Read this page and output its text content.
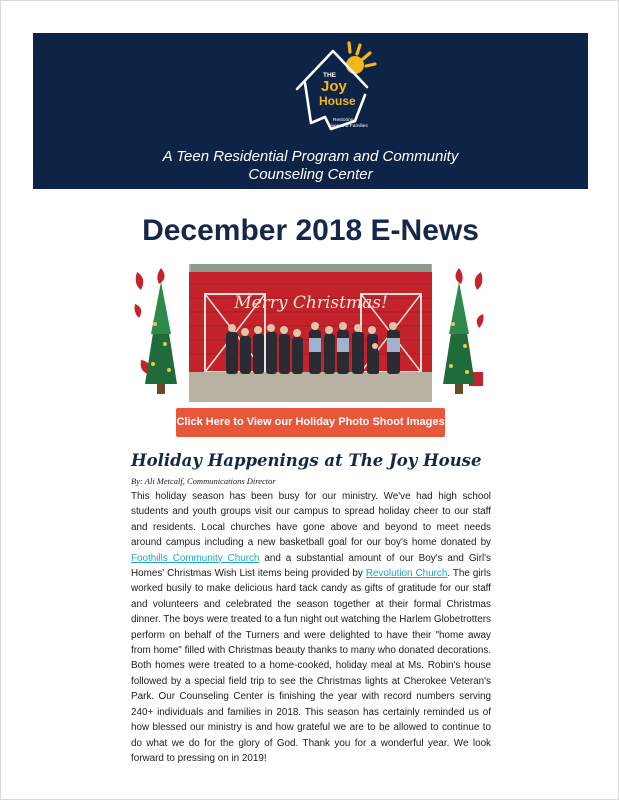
THE
Joy
House
Restoring
Lives and Families
A Teen Residential Program and Community
Counseling Center
December 2018 E-News
Merry Christmas!
Click Here to View our Holiday Photo Shoot Images
Holiday Happenings at The Joy House
By: Ali Metcalf, Communications Director
This holiday season has been busy for our ministry. We've had high school students and youth groups visit our campus to spread holiday cheer to our staff and residents. Local churches have gone above and beyond to meet needs around campus including a new basketball goal for our boy's home donated by Foothills Community Church and a substantial amount of our Boy's and Girl's Homes' Christmas Wish List items being provided by Revolution Church. The girls worked busily to make delicious hard tack candy as gifts of gratitude for our staff and volunteers and celebrated the season together at their formal Christmas dinner. The boys were treated to a fun night out watching the Harlem Globetrotters perform on behalf of the Turners and were delighted to have their "home away from home" filled with Christmas beauty thanks to many who donated decorations. Both homes were treated to a home-cooked, holiday meal at Ms. Robin's house followed by a special field trip to see the Christmas lights at Cherokee Veteran's Park. Our Counseling Center is finishing the year with record numbers serving 240+ individuals and families in 2018. This season has certainly reminded us of how blessed our ministry is and how grateful we are to be allowed to continue to do what we do for the glory of God. Thank you for a wonderful year. We look forward to pressing on in 2019!
